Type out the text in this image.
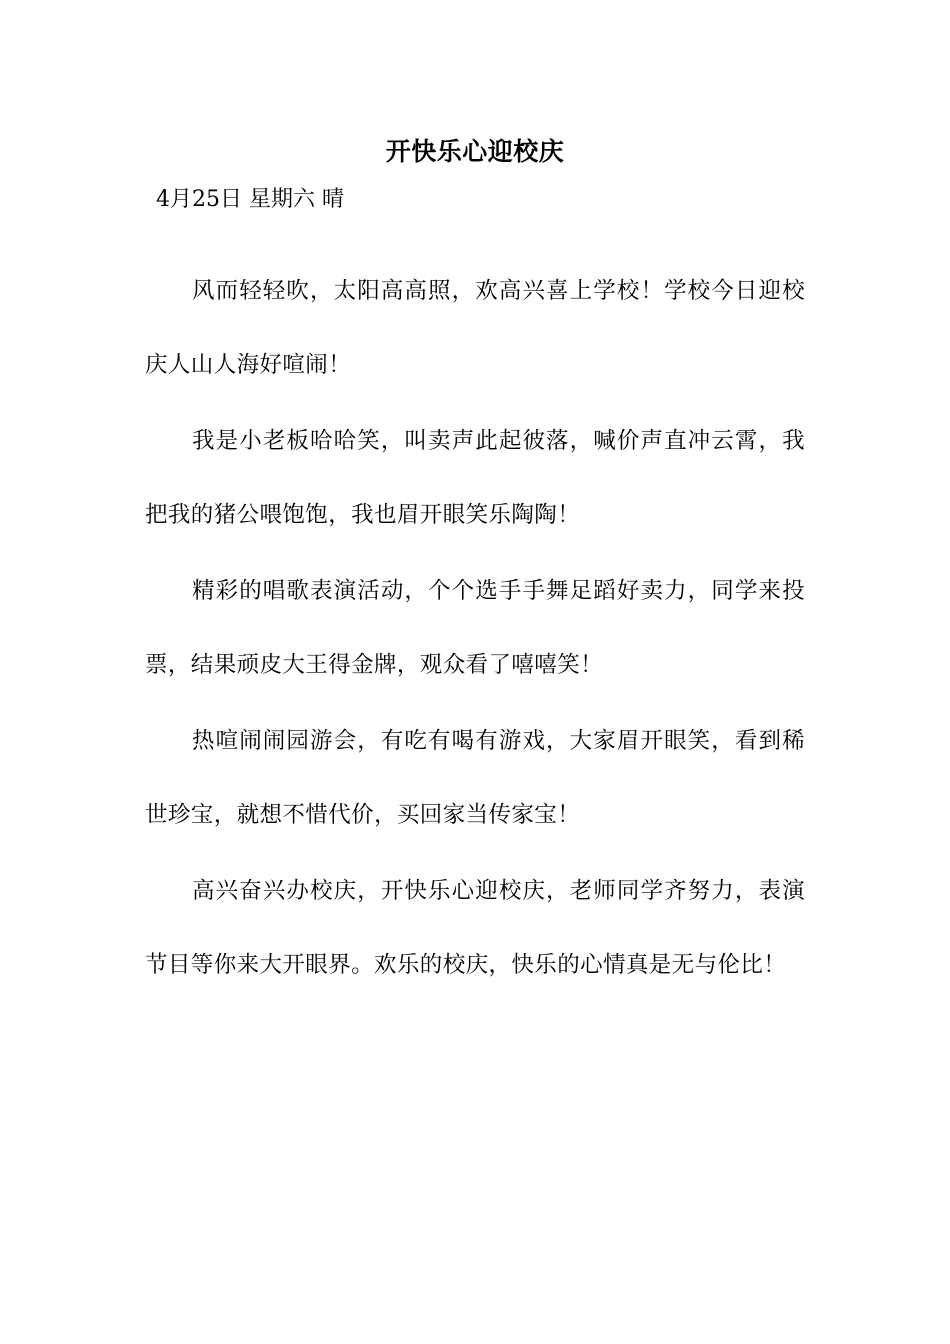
开快乐心迎校庆
4月25日 星期六 晴

风而轻轻吹，太阳高高照，欢高兴喜上学校！学校今日迎校庆人山人海好喧闹！

我是小老板哈哈笑，叫卖声此起彼落，喊价声直冲云霄，我把我的猪公喂饱饱，我也眉开眼笑乐陶陶！

精彩的唱歌表演活动，个个选手手舞足蹈好卖力，同学来投票，结果顽皮大王得金牌，观众看了嘻嘻笑！

热喧闹闹园游会，有吃有喝有游戏，大家眉开眼笑，看到稀世珍宝，就想不惜代价，买回家当传家宝！

高兴奋兴办校庆，开快乐心迎校庆，老师同学齐努力，表演节目等你来大开眼界。欢乐的校庆，快乐的心情真是无与伦比！
